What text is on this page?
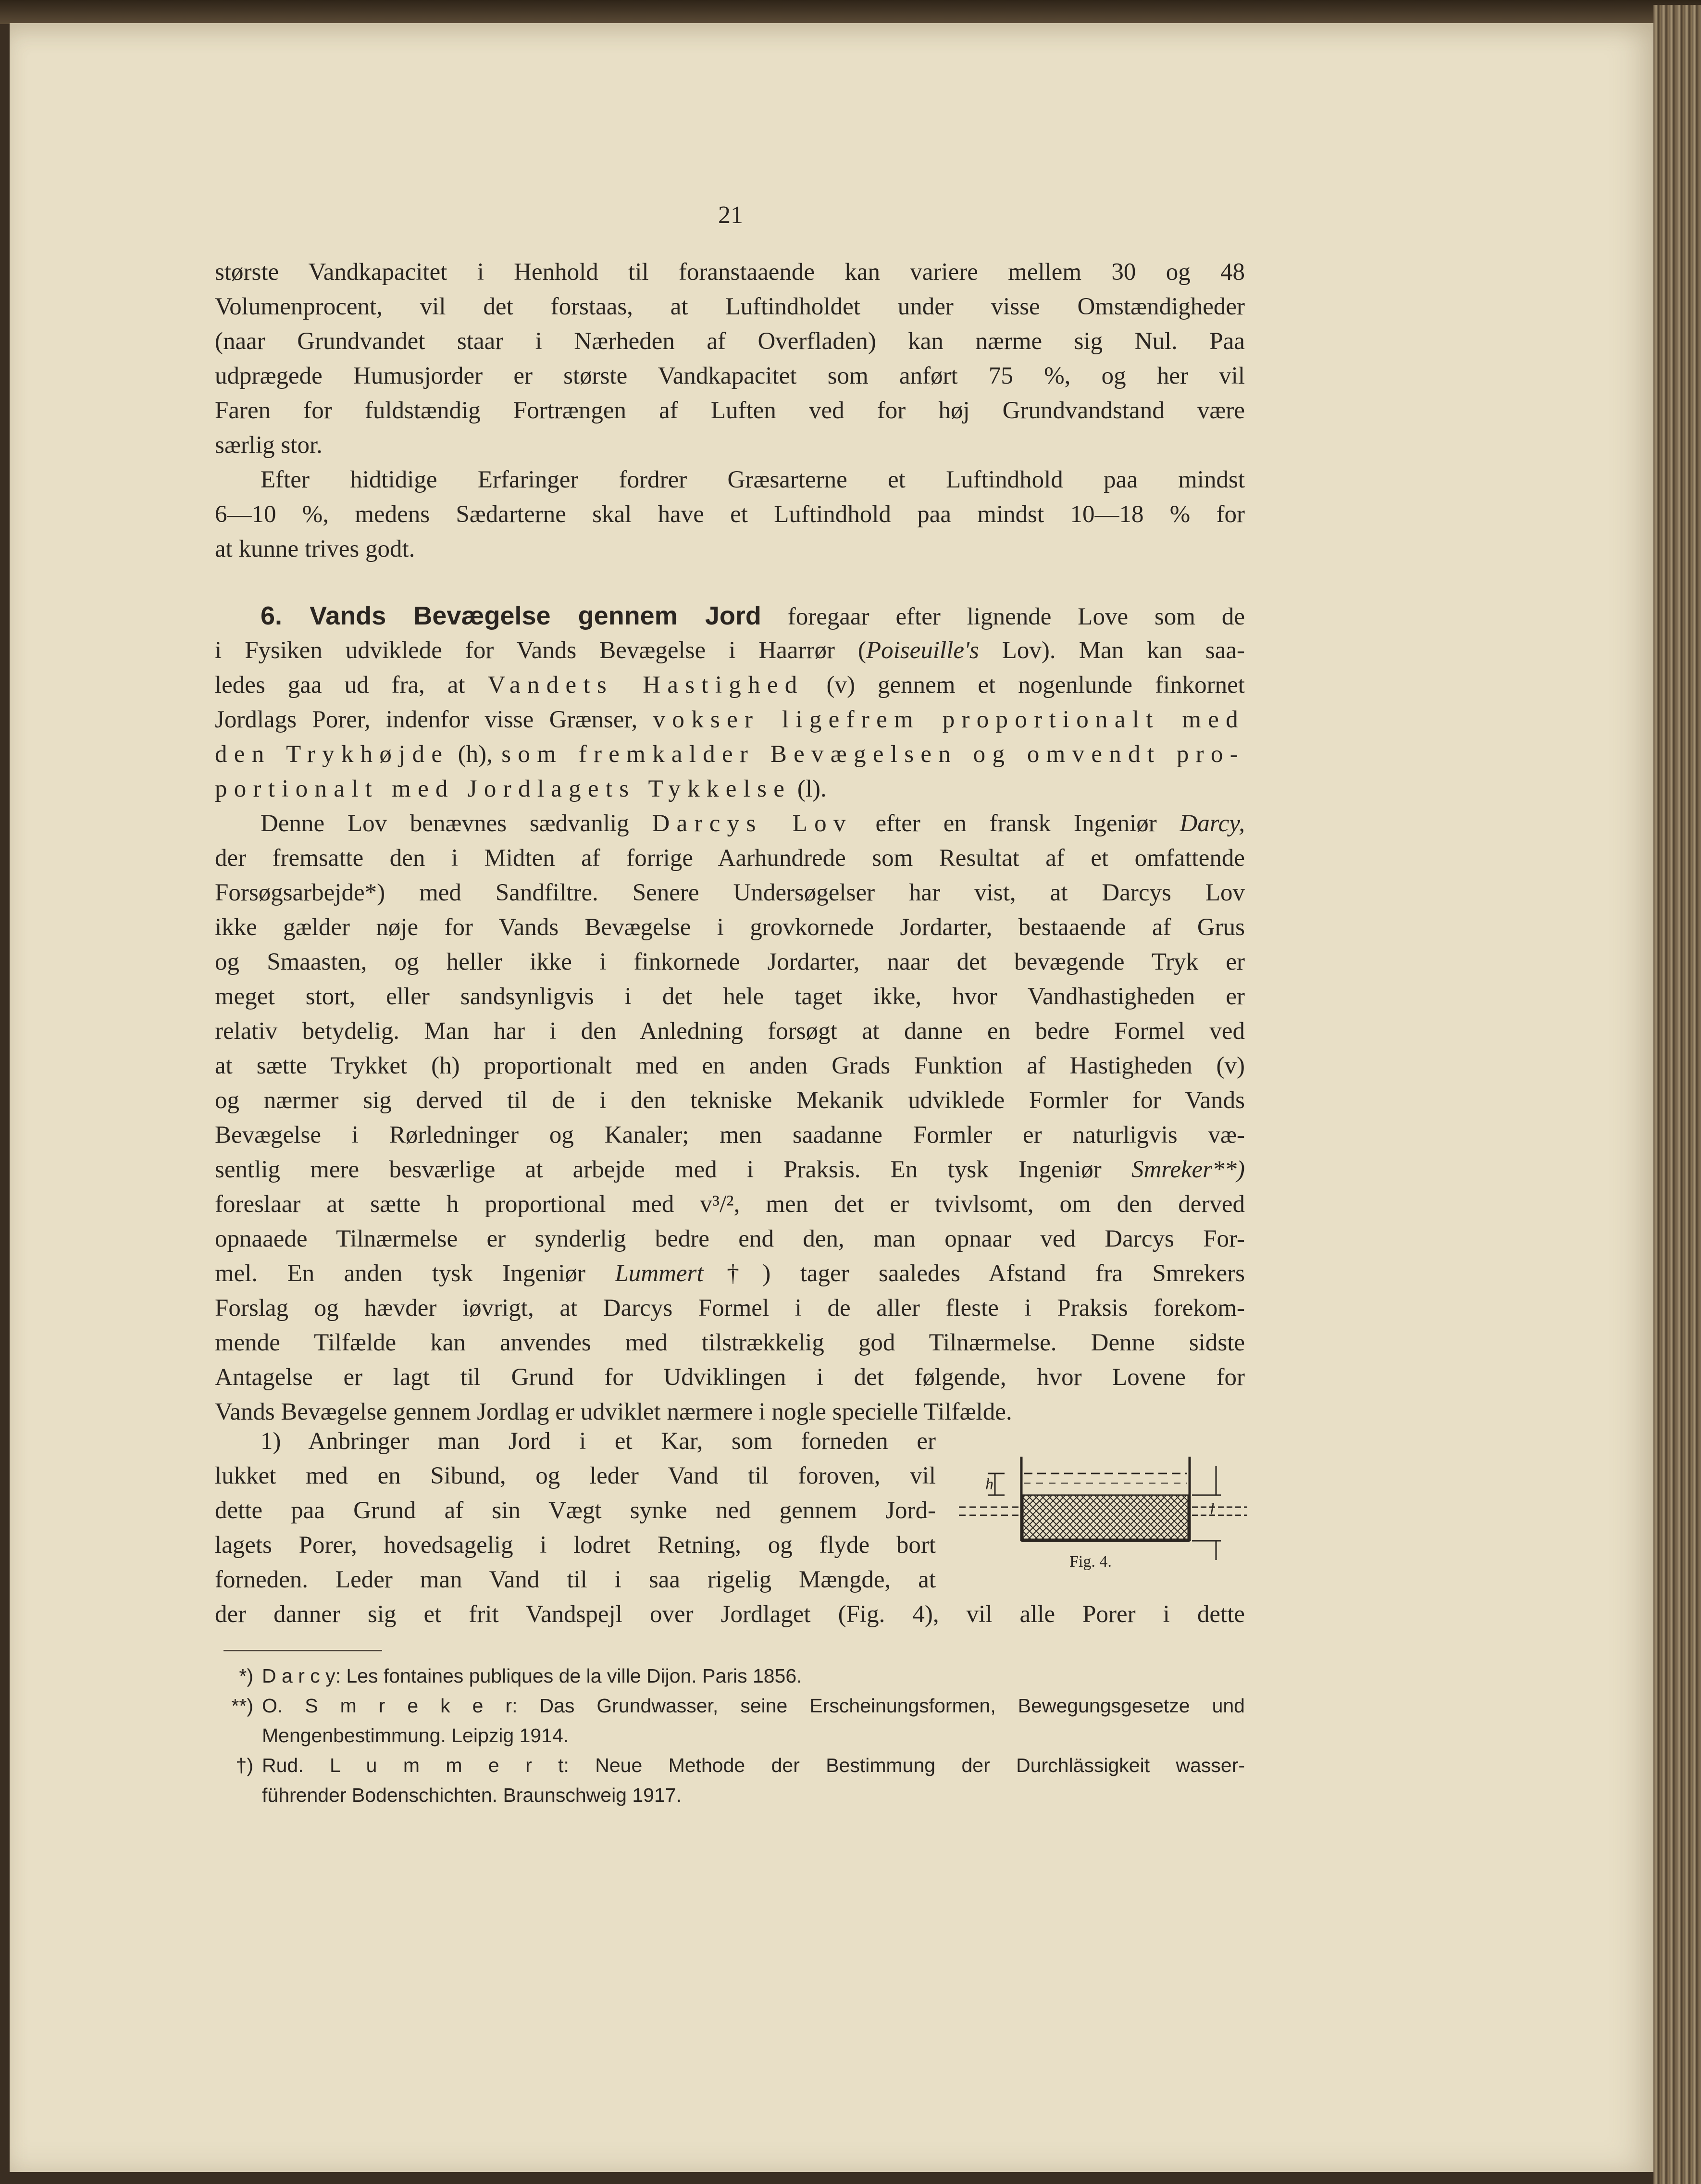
21
største Vandkapacitet i Henhold til foranstaaende kan variere mellem 30 og 48
Volumenprocent, vil det forstaas, at Luftindholdet under visse Omstændigheder
(naar Grundvandet staar i Nærheden af Overfladen) kan nærme sig Nul. Paa
udprægede Humusjorder er største Vandkapacitet som anført 75 %, og her vil
Faren for fuldstændig Fortrængen af Luften ved for høj Grundvandstand være
særlig stor.
Efter hidtidige Erfaringer fordrer Græsarterne et Luftindhold paa mindst
6—10 %, medens Sædarterne skal have et Luftindhold paa mindst 10—18 % for
at kunne trives godt.
6. Vands Bevægelse gennem Jord foregaar efter lignende Love som de
i Fysiken udviklede for Vands Bevægelse i Haarrør (Poiseuille's Lov). Man kan saa-
ledes gaa ud fra, at Vandets Hastighed (v) gennem et nogenlunde finkornet
Jordlags Porer, indenfor visse Grænser, vokser ligefrem proportionalt med
den Trykhøjde (h), som fremkalder Bevægelsen og omvendt pro-
portionalt med Jordlagets Tykkelse (l).
Denne Lov benævnes sædvanlig Darcys Lov efter en fransk Ingeniør Darcy,
der fremsatte den i Midten af forrige Aarhundrede som Resultat af et omfattende
Forsøgsarbejde*) med Sandfiltre. Senere Undersøgelser har vist, at Darcys Lov
ikke gælder nøje for Vands Bevægelse i grovkornede Jordarter, bestaaende af Grus
og Smaasten, og heller ikke i finkornede Jordarter, naar det bevægende Tryk er
meget stort, eller sandsynligvis i det hele taget ikke, hvor Vandhastigheden er
relativ betydelig. Man har i den Anledning forsøgt at danne en bedre Formel ved
at sætte Trykket (h) proportionalt med en anden Grads Funktion af Hastigheden (v)
og nærmer sig derved til de i den tekniske Mekanik udviklede Formler for Vands
Bevægelse i Rørledninger og Kanaler; men saadanne Formler er naturligvis væ-
sentlig mere besværlige at arbejde med i Praksis. En tysk Ingeniør Smreker**)
foreslaar at sætte h proportional med v³/², men det er tvivlsomt, om den derved
opnaaede Tilnærmelse er synderlig bedre end den, man opnaar ved Darcys For-
mel. En anden tysk Ingeniør Lummert†) tager saaledes Afstand fra Smrekers
Forslag og hævder iøvrigt, at Darcys Formel i de aller fleste i Praksis forekom-
mende Tilfælde kan anvendes med tilstrækkelig god Tilnærmelse. Denne sidste
Antagelse er lagt til Grund for Udviklingen i det følgende, hvor Lovene for
Vands Bevægelse gennem Jordlag er udviklet nærmere i nogle specielle Tilfælde.
1) Anbringer man Jord i et Kar, som forneden er
lukket med en Sibund, og leder Vand til foroven, vil
dette paa Grund af sin Vægt synke ned gennem Jord-
lagets Porer, hovedsagelig i lodret Retning, og flyde bort
forneden. Leder man Vand til i saa rigelig Mængde, at
der danner sig et frit Vandspejl over Jordlaget (Fig. 4), vil alle Porer i dette
h
l
Fig. 4.
*) D a r c y: Les fontaines publiques de la ville Dijon. Paris 1856.
**) O. S m r e k e r: Das Grundwasser, seine Erscheinungsformen, Bewegungsgesetze und
Mengenbestimmung. Leipzig 1914.
†) Rud. L u m m e r t: Neue Methode der Bestimmung der Durchlässigkeit wasser-
führender Bodenschichten. Braunschweig 1917.
